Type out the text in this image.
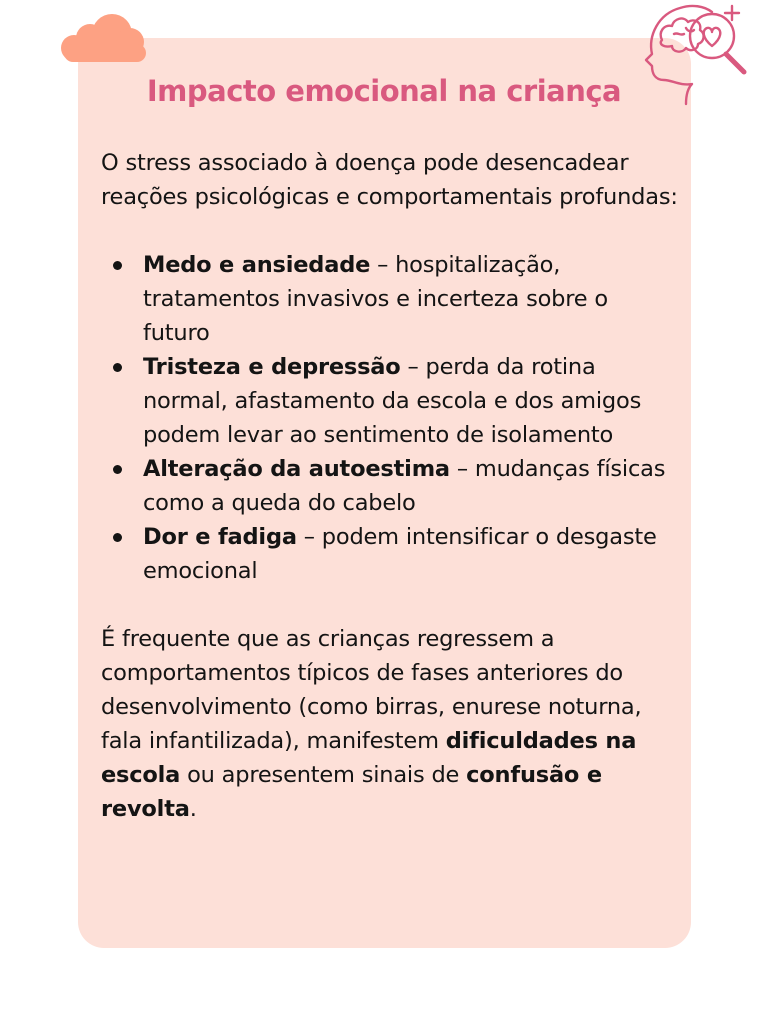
Impacto emocional na criança

O stress associado à doença pode desencadear reações psicológicas e comportamentais profundas:

Medo e ansiedade – hospitalização, tratamentos invasivos e incerteza sobre o futuro
Tristeza e depressão – perda da rotina normal, afastamento da escola e dos amigos podem levar ao sentimento de isolamento
Alteração da autoestima – mudanças físicas como a queda do cabelo
Dor e fadiga – podem intensificar o desgaste emocional

É frequente que as crianças regressem a comportamentos típicos de fases anteriores do desenvolvimento (como birras, enurese noturna, fala infantilizada), manifestem dificuldades na escola ou apresentem sinais de confusão e revolta.
